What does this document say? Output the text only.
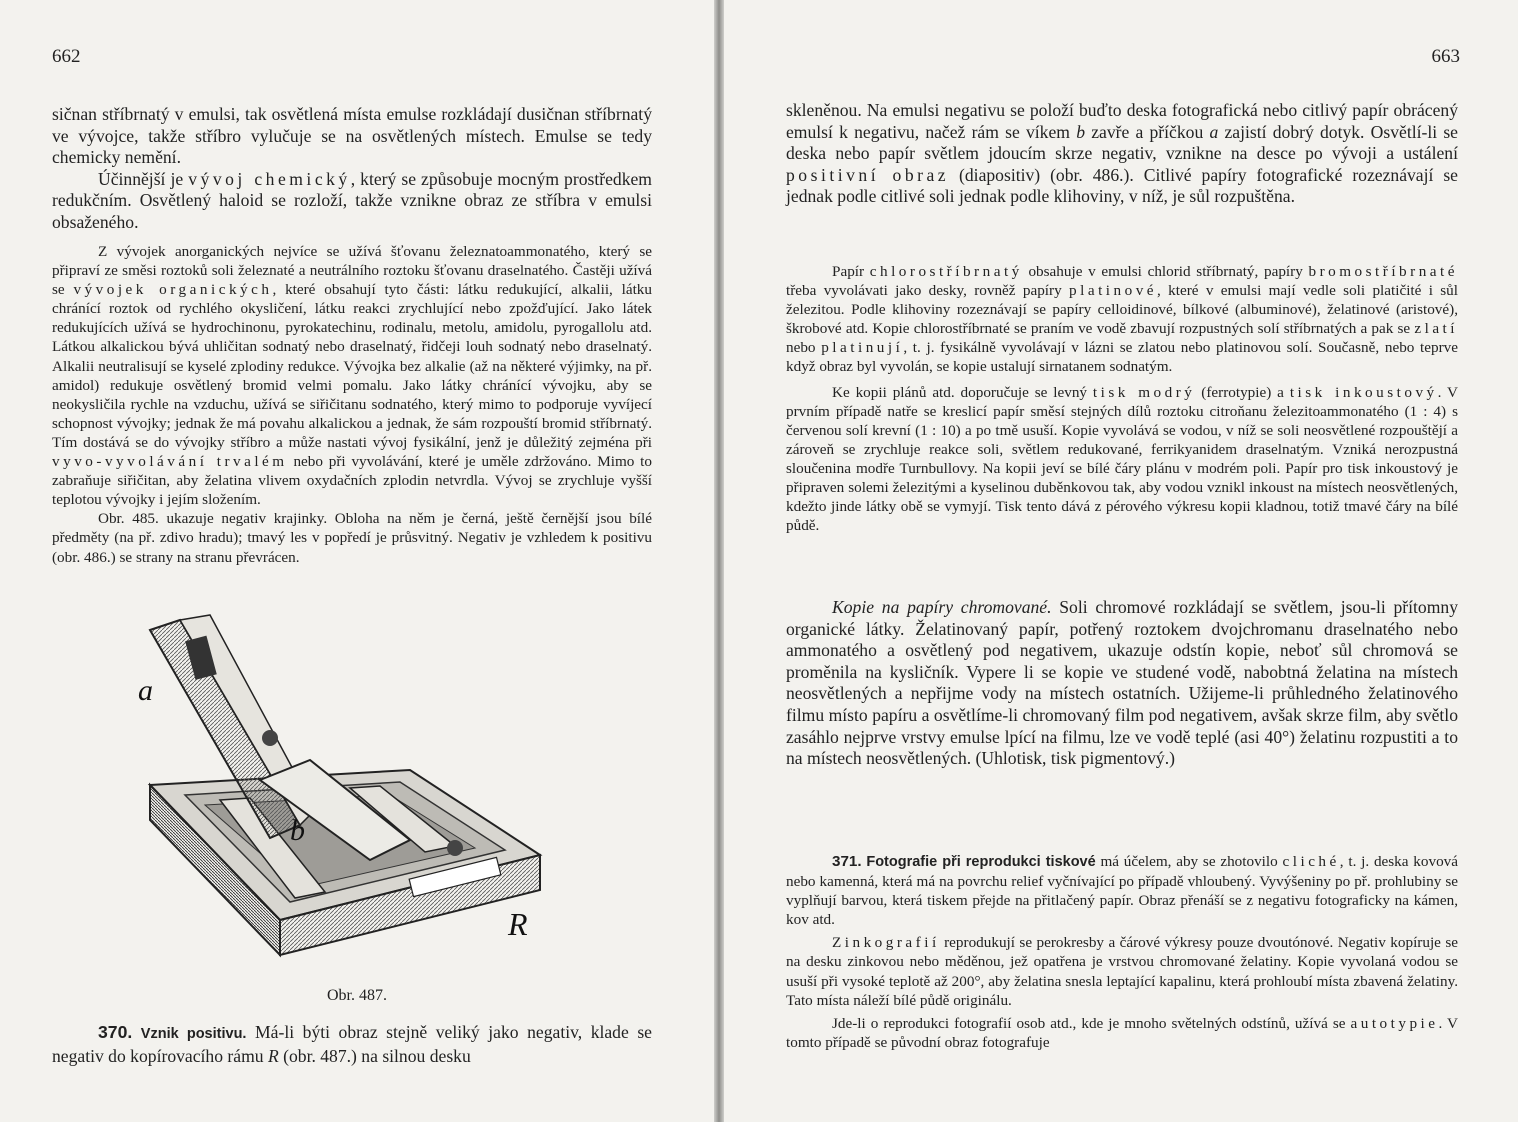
662

sičnan stříbrnatý v emulsi, tak osvětlená místa emulse rozkládají dusičnan stříbrnatý ve vývojce, takže stříbro vylučuje se na osvětlených místech. Emulse se tedy chemicky nemění.

Účinnější je vývoj chemický, který se způsobuje mocným prostředkem redukčním. Osvětlený haloid se rozloží, takže vznikne obraz ze stříbra v emulsi obsaženého.

Z vývojek anorganických nejvíce se užívá šťovanu železnatoammonatého, který se připraví ze směsi roztoků soli železnaté a neutrálního roztoku šťovanu draselnatého. Častěji užívá se vývojek organických, které obsahují tyto části: látku redukující, alkalii, látku chránící roztok od rychlého okysličení, látku reakci zrychlující nebo zpožďující. Jako látek redukujících užívá se hydrochinonu, pyrokatechinu, rodinalu, metolu, amidolu, pyrogallolu atd. Látkou alkalickou bývá uhličitan sodnatý nebo draselnatý, řidčeji louh sodnatý nebo draselnatý. Alkalii neutralisují se kyselé zplodiny redukce. Vývojka bez alkalie (až na některé výjimky, na př. amidol) redukuje osvětlený bromid velmi pomalu. Jako látky chránící vývojku, aby se neokysličila rychle na vzduchu, užívá se siřičitanu sodnatého, který mimo to podporuje vyvíjecí schopnost vývojky; jednak že má povahu alkalickou a jednak, že sám rozpouští bromid stříbrnatý. Tím dostává se do vývojky stříbro a může nastati vývoj fysikální, jenž je důležitý zejména při vyvo-vyvolávání trvalém nebo při vyvolávání, které je uměle zdržováno. Mimo to zabraňuje siřičitan, aby želatina vlivem oxydačních zplodin netvrdla. Vývoj se zrychluje vyšší teplotou vývojky i jejím složením.

Obr. 485. ukazuje negativ krajinky. Obloha na něm je černá, ještě černější jsou bílé předměty (na př. zdivo hradu); tmavý les v popředí je průsvitný. Negativ je vzhledem k positivu (obr. 486.) se strany na stranu převrácen.

a
b
R
Obr. 487.

370. Vznik positivu. Má-li býti obraz stejně veliký jako negativ, klade se negativ do kopírovacího rámu R (obr. 487.) na silnou desku

663

skleněnou. Na emulsi negativu se položí buďto deska fotografická nebo citlivý papír obrácený emulsí k negativu, načež rám se víkem b zavře a příčkou a zajistí dobrý dotyk. Osvětlí-li se deska nebo papír světlem jdoucím skrze negativ, vznikne na desce po vývoji a ustálení positivní obraz (diapositiv) (obr. 486.). Citlivé papíry fotografické rozeznávají se jednak podle citlivé soli jednak podle klihoviny, v níž, je sůl rozpuštěna.

Papír chlorostříbrnatý obsahuje v emulsi chlorid stříbrnatý, papíry bromostříbrnaté třeba vyvolávati jako desky, rovněž papíry platinové, které v emulsi mají vedle soli platičité i sůl železitou. Podle klihoviny rozeznávají se papíry celloidinové, bílkové (albuminové), želatinové (aristové), škrobové atd. Kopie chlorostříbrnaté se praním ve vodě zbavují rozpustných solí stříbrnatých a pak se zlatí nebo platinují, t. j. fysikálně vyvolávají v lázni se zlatou nebo platinovou solí. Současně, nebo teprve když obraz byl vyvolán, se kopie ustalují sirnatanem sodnatým.

Ke kopii plánů atd. doporučuje se levný tisk modrý (ferrotypie) a tisk inkoustový. V prvním případě natře se kreslicí papír směsí stejných dílů roztoku citroňanu železitoammonatého (1 : 4) s červenou solí krevní (1 : 10) a po tmě usuší. Kopie vyvolává se vodou, v níž se soli neosvětlené rozpouštějí a zároveň se zrychluje reakce soli, světlem redukované, ferrikyanidem draselnatým. Vzniká nerozpustná sloučenina modře Turnbullovy. Na kopii jeví se bílé čáry plánu v modrém poli. Papír pro tisk inkoustový je připraven solemi železitými a kyselinou duběnkovou tak, aby vodou vznikl inkoust na místech neosvětlených, kdežto jinde látky obě se vymyjí. Tisk tento dává z pérového výkresu kopii kladnou, totiž tmavé čáry na bílé půdě.

Kopie na papíry chromované. Soli chromové rozkládají se světlem, jsou-li přítomny organické látky. Želatinovaný papír, potřený roztokem dvojchromanu draselnatého nebo ammonatého a osvětlený pod negativem, ukazuje odstín kopie, neboť sůl chromová se proměnila na kysličník. Vypere li se kopie ve studené vodě, nabobtná želatina na místech neosvětlených a nepřijme vody na místech ostatních. Užijeme-li průhledného želatinového filmu místo papíru a osvětlíme-li chromovaný film pod negativem, avšak skrze film, aby světlo zasáhlo nejprve vrstvy emulse lpící na filmu, lze ve vodě teplé (asi 40°) želatinu rozpustiti a to na místech neosvětlených. (Uhlotisk, tisk pigmentový.)

371. Fotografie při reprodukci tiskové má účelem, aby se zhotovilo cliché, t. j. deska kovová nebo kamenná, která má na povrchu relief vyčnívající po případě vhloubený. Vyvýšeniny po př. prohlubiny se vyplňují barvou, která tiskem přejde na přitlačený papír. Obraz přenáší se z negativu fotograficky na kámen, kov atd.

Zinkografií reprodukují se perokresby a čárové výkresy pouze dvoutónové. Negativ kopíruje se na desku zinkovou nebo měděnou, jež opatřena je vrstvou chromované želatiny. Kopie vyvolaná vodou se usuší při vysoké teplotě až 200°, aby želatina snesla leptající kapalinu, která prohloubí místa zbavená želatiny. Tato místa náleží bílé půdě originálu.

Jde-li o reprodukci fotografií osob atd., kde je mnoho světelných odstínů, užívá se autotypie. V tomto případě se původní obraz fotografuje
